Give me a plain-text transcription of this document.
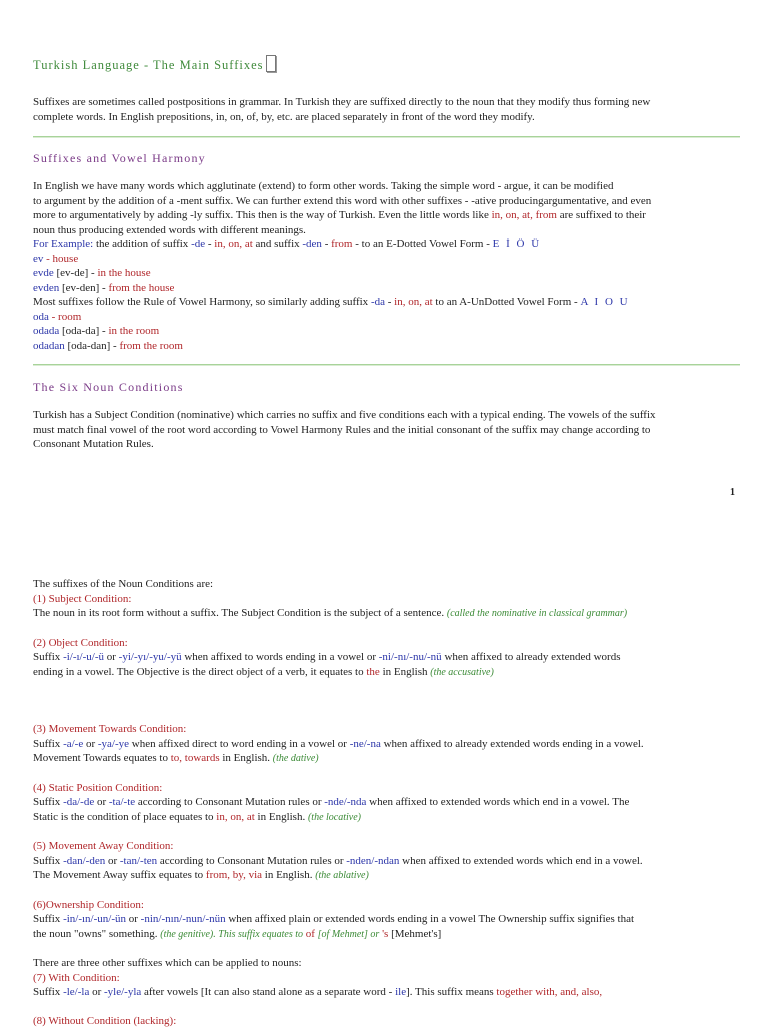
Turkish Language - The Main Suffixes

Suffixes are sometimes called postpositions in grammar. In Turkish they are suffixed directly to the noun that they modify thus forming new

complete words. In English prepositions, in, on, of, by, etc. are placed separately in front of the word they modify.

Suffixes and Vowel Harmony

In English we have many words which agglutinate (extend) to form other words. Taking the simple word - argue, it can be modified

to argument by the addition of a -ment suffix. We can further extend this word with other suffixes - -ative producingargumentative, and even

more to argumentatively by adding -ly suffix. This then is the way of Turkish. Even the little words like in, on, at, from are suffixed to their

noun thus producing extended words with different meanings.

For Example: the addition of suffix -de - in, on, at and suffix -den - from - to an E-Dotted Vowel Form - E İ Ö Ü

ev - house

evde [ev-de] - in the house

evden [ev-den] - from the house

Most suffixes follow the Rule of Vowel Harmony, so similarly adding suffix -da - in, on, at to an A-UnDotted Vowel Form - A I O U

oda - room

odada [oda-da] - in the room

odadan [oda-dan] - from the room

The Six Noun Conditions

Turkish has a Subject Condition (nominative) which carries no suffix and five conditions each with a typical ending. The vowels of the suffix

must match final vowel of the root word according to Vowel Harmony Rules and the initial consonant of the suffix may change according to

Consonant Mutation Rules.

1

The suffixes of the Noun Conditions are:

(1) Subject Condition:

The noun in its root form without a suffix. The Subject Condition is the subject of a sentence. (called the nominative in classical grammar)

(2) Object Condition:

Suffix -i/-ı/-u/-ü or -yi/-yı/-yu/-yü when affixed to words ending in a vowel or -ni/-nı/-nu/-nü when affixed to already extended words

ending in a vowel. The Objective is the direct object of a verb, it equates to the in English (the accusative)

(3) Movement Towards Condition:

Suffix -a/-e or -ya/-ye when affixed direct to word ending in a vowel or -ne/-na when affixed to already extended words ending in a vowel.

Movement Towards equates to to, towards in English. (the dative)

(4) Static Position Condition:

Suffix -da/-de or -ta/-te according to Consonant Mutation rules or -nde/-nda when affixed to extended words which end in a vowel. The

Static is the condition of place equates to in, on, at in English. (the locative)

(5) Movement Away Condition:

Suffix -dan/-den or -tan/-ten according to Consonant Mutation rules or -nden/-ndan when affixed to extended words which end in a vowel.

The Movement Away suffix equates to from, by, via in English. (the ablative)

(6)Ownership Condition:

Suffix -in/-ın/-un/-ün or -nin/-nın/-nun/-nün when affixed plain or extended words ending in a vowel The Ownership suffix signifies that

the noun "owns" something. (the genitive). This suffix equates to of [of Mehmet] or 's [Mehmet's]

There are three other suffixes which can be applied to nouns:

(7) With Condition:

Suffix -le/-la or -yle/-yla after vowels [It can also stand alone as a separate word - ile]. This suffix means together with, and, also,

(8) Without Condition (lacking):
